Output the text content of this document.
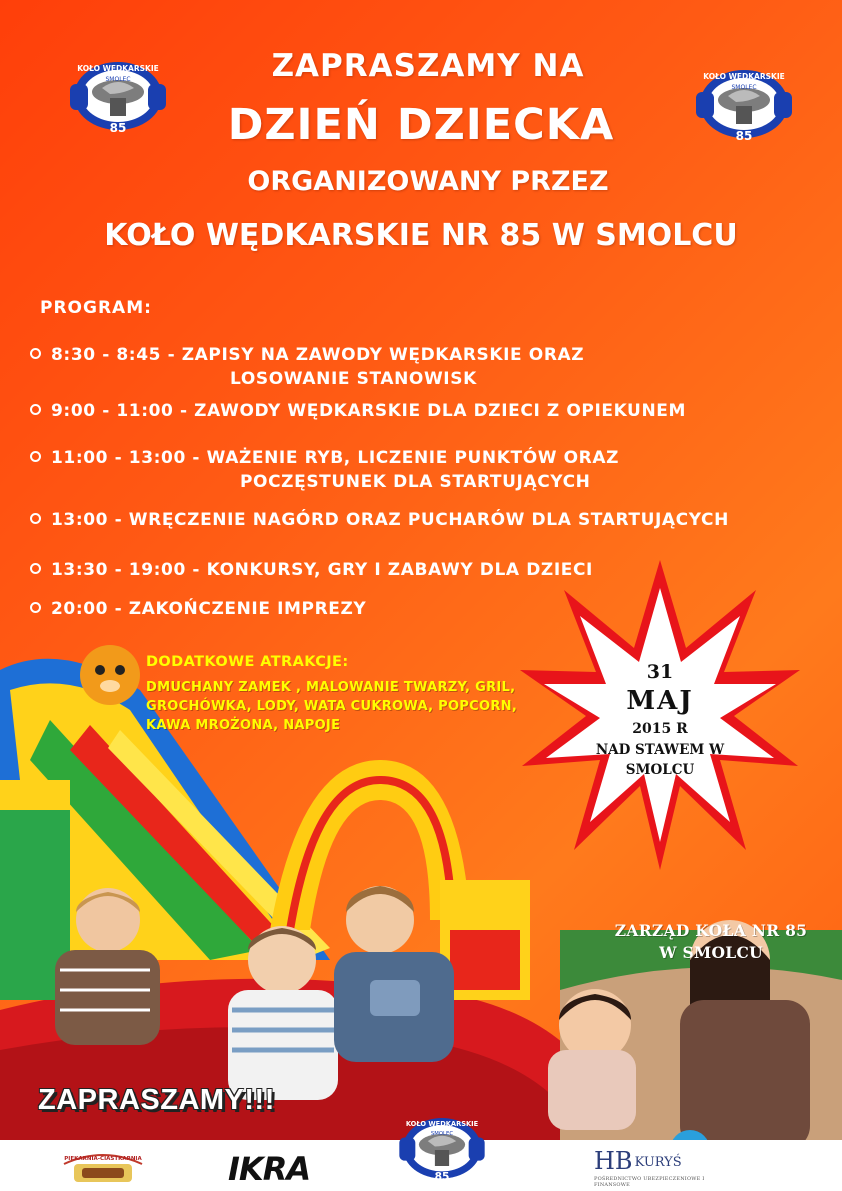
KOŁO WĘDKARSKIE
SMOLEC
85
KOŁO WĘDKARSKIE
SMOLEC
85
ZAPRASZAMY NA
DZIEŃ DZIECKA
ORGANIZOWANY PRZEZ
KOŁO WĘDKARSKIE NR 85 W SMOLCU
PROGRAM:
8:30 - 8:45 - ZAPISY NA ZAWODY WĘDKARSKIE ORAZ
LOSOWANIE STANOWISK
9:00 - 11:00 - ZAWODY WĘDKARSKIE DLA DZIECI Z OPIEKUNEM
11:00 - 13:00 - WAŻENIE RYB, LICZENIE PUNKTÓW ORAZ
POCZĘSTUNEK DLA STARTUJĄCYCH
13:00 - WRĘCZENIE NAGÓRD ORAZ PUCHARÓW DLA STARTUJĄCYCH
13:30 - 19:00 - KONKURSY, GRY I ZABAWY DLA DZIECI
20:00 - ZAKOŃCZENIE IMPREZY
DODATKOWE ATRAKCJE:
DMUCHANY ZAMEK , MALOWANIE TWARZY, GRIL, GROCHÓWKA, LODY, WATA CUKROWA, POPCORN, KAWA MROŻONA, NAPOJE
31
MAJ
2015 R
NAD STAWEM W
SMOLCU
ZARZĄD KOŁA NR 85
W SMOLCU
ZAPRASZAMY!!!
PIEKARNIA-CIASTKARNIA	IKRA
KOŁO WĘDKARSKIE
SMOLEC
85
HB KURYŚ
POŚREDNICTWO UBEZPIECZENIOWE I FINANSOWE
